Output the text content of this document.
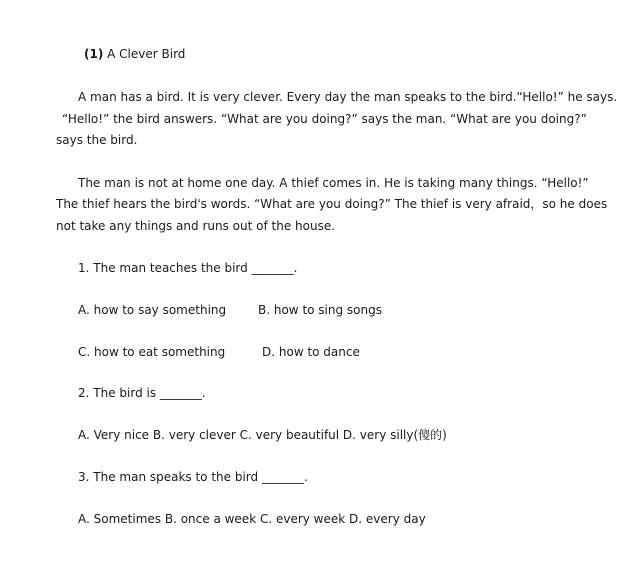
(1) A Clever Bird
A man has a bird. It is very clever. Every day the man speaks to the bird.“Hello!” he says.
“Hello!” the bird answers. “What are you doing?” says the man. “What are you doing?”
says the bird.
The man is not at home one day. A thief comes in. He is taking many things. “Hello!”
The thief hears the bird's words. “What are you doing?” The thief is very afraid，so he does
not take any things and runs out of the house.
1. The man teaches the bird _______.
A. how to say something	B. how to sing songs
C. how to eat something	D. how to dance
2. The bird is _______.
A. Very nice B. very clever C. very beautiful D. very silly(傻的)
3. The man speaks to the bird _______.
A. Sometimes B. once a week C. every week D. every day
